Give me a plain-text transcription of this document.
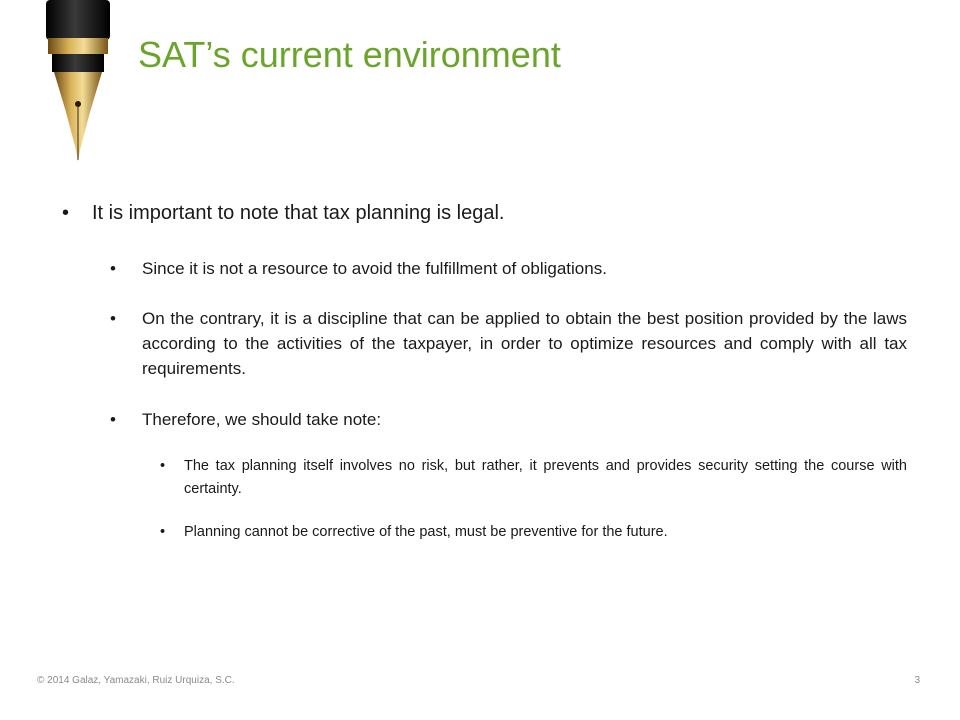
SAT’s current environment
•	It is important to note that tax planning is legal.
•	Since it is not a resource to avoid the fulfillment of obligations.
•	On the contrary, it is a discipline that can be applied to obtain the best position provided by the laws according to the activities of the taxpayer, in order to optimize resources and comply with all tax requirements.
•	Therefore, we should take note:
•	The tax planning itself involves no risk, but rather, it prevents and provides security setting the course with certainty.
•	Planning cannot be corrective of the past, must be preventive for the future.
© 2014 Galaz, Yamazaki, Ruiz Urquiza, S.C.	3
